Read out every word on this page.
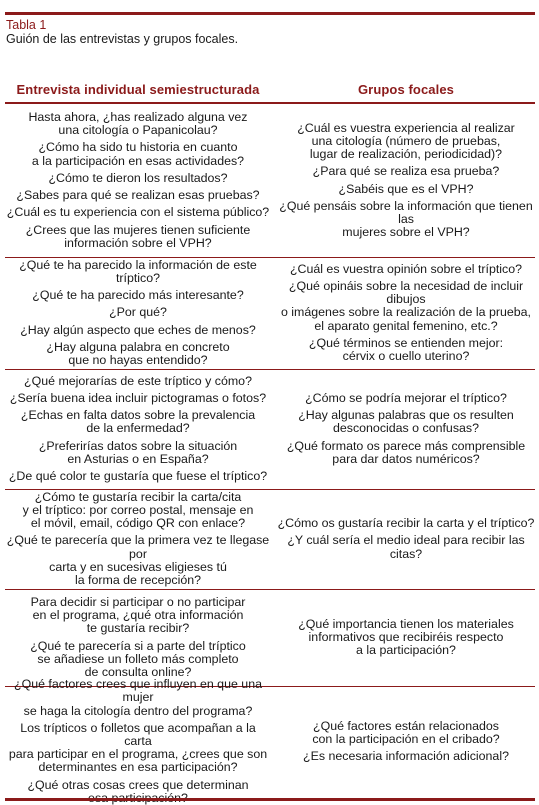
Tabla 1
Guión de las entrevistas y grupos focales.
Entrevista individual semiestructurada	Grupos focales
Hasta ahora, ¿has realizado alguna vez
una citología o Papanicolau?
¿Cómo ha sido tu historia en cuanto
a la participación en esas actividades?
¿Cómo te dieron los resultados?
¿Sabes para qué se realizan esas pruebas?
¿Cuál es tu experiencia con el sistema público?
¿Crees que las mujeres tienen suficiente
información sobre el VPH?
¿Cuál es vuestra experiencia al realizar
una citología (número de pruebas,
lugar de realización, periodicidad)?
¿Para qué se realiza esa prueba?
¿Sabéis que es el VPH?
¿Qué pensáis sobre la información que tienen las
mujeres sobre el VPH?
¿Qué te ha parecido la información de este tríptico?
¿Qué te ha parecido más interesante?
¿Por qué?
¿Hay algún aspecto que eches de menos?
¿Hay alguna palabra en concreto
que no hayas entendido?
¿Cuál es vuestra opinión sobre el tríptico?
¿Qué opináis sobre la necesidad de incluir dibujos
o imágenes sobre la realización de la prueba,
el aparato genital femenino, etc.?
¿Qué términos se entienden mejor:
cérvix o cuello uterino?
¿Qué mejorarías de este tríptico y cómo?
¿Sería buena idea incluir pictogramas o fotos?
¿Echas en falta datos sobre la prevalencia
de la enfermedad?
¿Preferirías datos sobre la situación
en Asturias o en España?
¿De qué color te gustaría que fuese el tríptico?
¿Cómo se podría mejorar el tríptico?
¿Hay algunas palabras que os resulten
desconocidas o confusas?
¿Qué formato os parece más comprensible
para dar datos numéricos?
¿Cómo te gustaría recibir la carta/cita
y el tríptico: por correo postal, mensaje en
el móvil, email, código QR con enlace?
¿Qué te parecería que la primera vez te llegase por
carta y en sucesivas eligieses tú
la forma de recepción?
¿Cómo os gustaría recibir la carta y el tríptico?
¿Y cuál sería el medio ideal para recibir las citas?
Para decidir si participar o no participar
en el programa, ¿qué otra información
te gustaría recibir?
¿Qué te parecería si a parte del tríptico
se añadiese un folleto más completo
de consulta online?
¿Qué importancia tienen los materiales
informativos que recibiréis respecto
a la participación?
¿Qué factores crees que influyen en que una mujer
se haga la citología dentro del programa?
Los trípticos o folletos que acompañan a la carta
para participar en el programa, ¿crees que son
determinantes en esa participación?
¿Qué otras cosas crees que determinan

¿Qué factores están relacionados
con la participación en el cribado?
¿Es necesaria información adicional?
